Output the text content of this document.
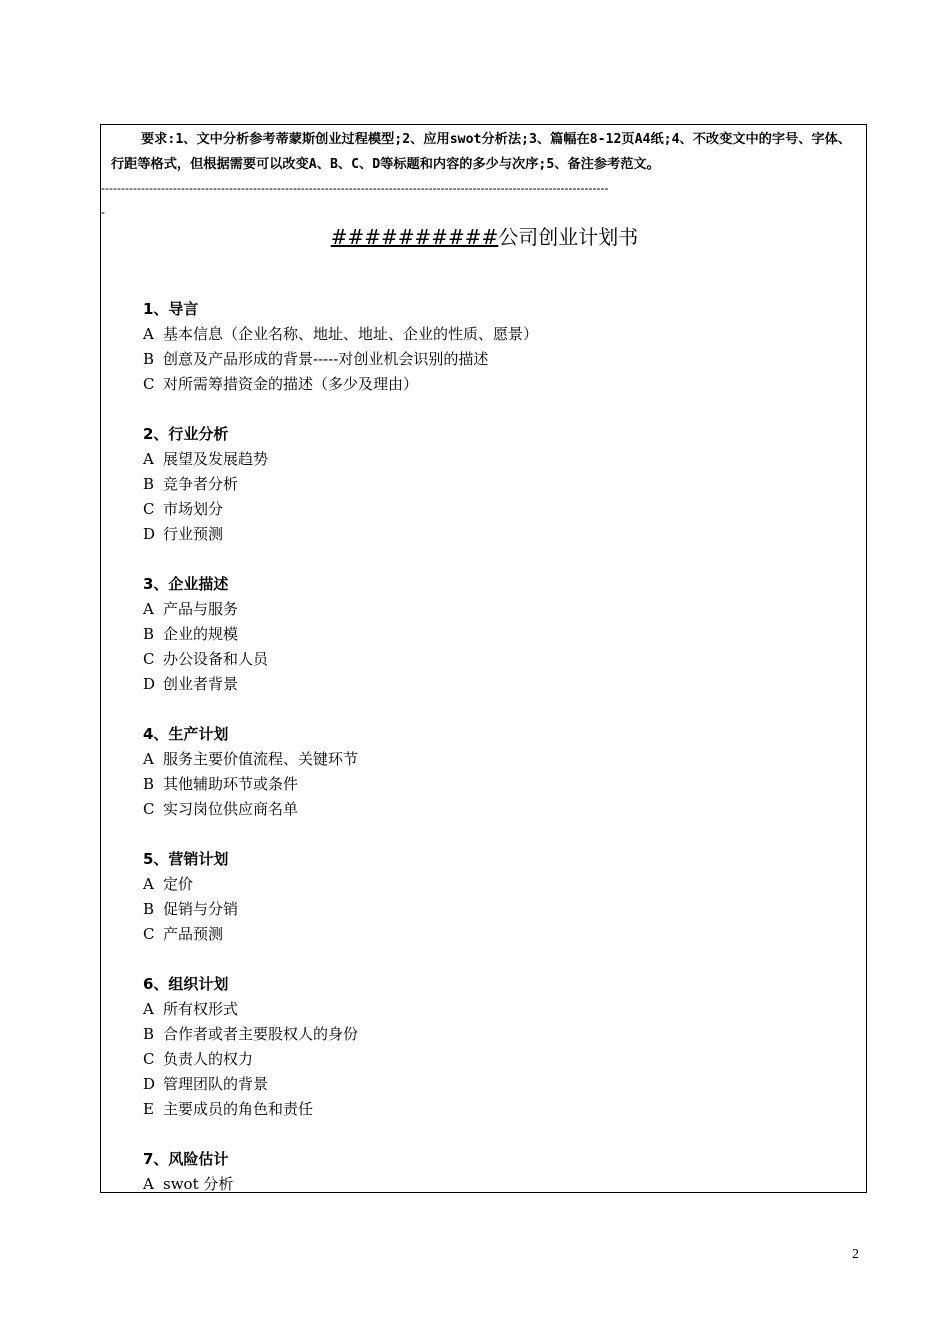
要求:1、文中分析参考蒂蒙斯创业过程模型;2、应用swot分析法;3、篇幅在8-12页A4纸;4、不改变文中的字号、字体、行距等格式，但根据需要可以改变A、B、C、D等标题和内容的多少与次序;5、备注参考范文。
-------------------------------------------------------------------------------------------------------------------------------
-
##########公司创业计划书
1、导言
A 基本信息（企业名称、地址、地址、企业的性质、愿景）
B 创意及产品形成的背景-----对创业机会识别的描述
C 对所需筹措资金的描述（多少及理由）
2、行业分析
A 展望及发展趋势
B 竞争者分析
C 市场划分
D 行业预测
3、企业描述
A 产品与服务
B 企业的规模
C 办公设备和人员
D 创业者背景
4、生产计划
A 服务主要价值流程、关键环节
B 其他辅助环节或条件
C 实习岗位供应商名单
5、营销计划
A 定价
B 促销与分销
C 产品预测
6、组织计划
A 所有权形式
B 合作者或者主要股权人的身份
C 负责人的权力
D 管理团队的背景
E 主要成员的角色和责任
7、风险估计
A swot 分析
2
